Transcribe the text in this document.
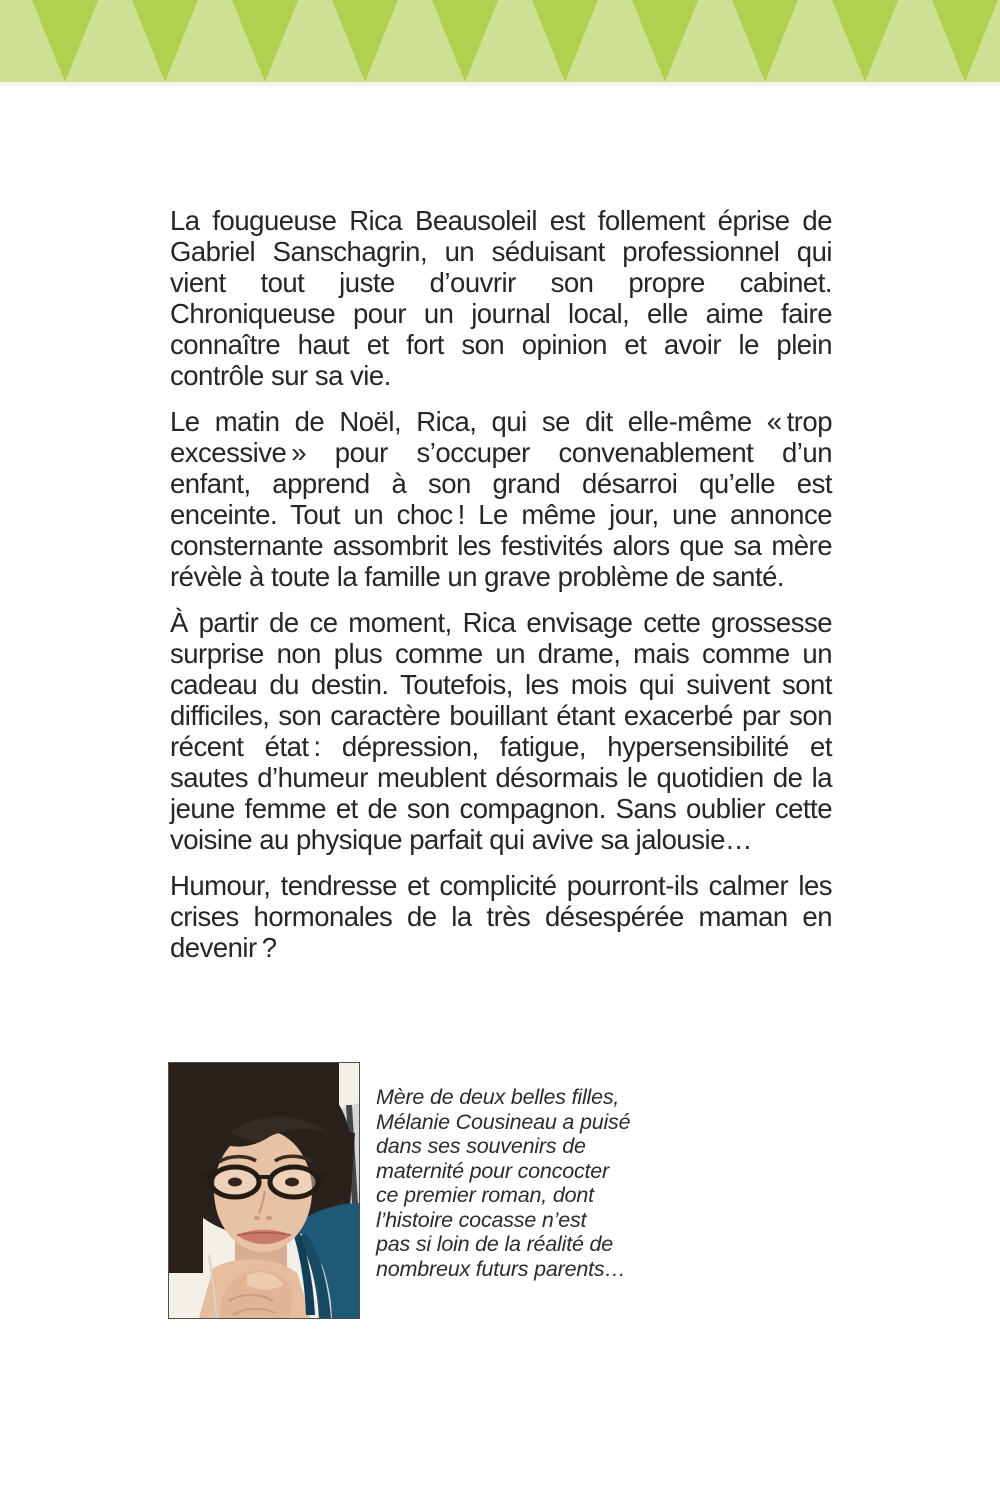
La fougueuse Rica Beausoleil est follement éprise de Gabriel Sanschagrin, un séduisant professionnel qui vient tout juste d’ouvrir son propre cabinet. Chroniqueuse pour un journal local, elle aime faire connaître haut et fort son opinion et avoir le plein contrôle sur sa vie.

Le matin de Noël, Rica, qui se dit elle-même « trop excessive » pour s’occuper convenablement d’un enfant, apprend à son grand désarroi qu’elle est enceinte. Tout un choc ! Le même jour, une annonce consternante assombrit les festivités alors que sa mère révèle à toute la famille un grave problème de santé.

À partir de ce moment, Rica envisage cette grossesse surprise non plus comme un drame, mais comme un cadeau du destin. Toutefois, les mois qui suivent sont difficiles, son caractère bouillant étant exacerbé par son récent état : dépression, fatigue, hypersensibilité et sautes d’humeur meublent désormais le quotidien de la jeune femme et de son compagnon. Sans oublier cette voisine au physique parfait qui avive sa jalousie…

Humour, tendresse et complicité pourront-ils calmer les crises hormonales de la très désespérée maman en devenir ?

Mère de deux belles filles,
Mélanie Cousineau a puisé
dans ses souvenirs de
maternité pour concocter
ce premier roman, dont
l’histoire cocasse n’est
pas si loin de la réalité de
nombreux futurs parents…
